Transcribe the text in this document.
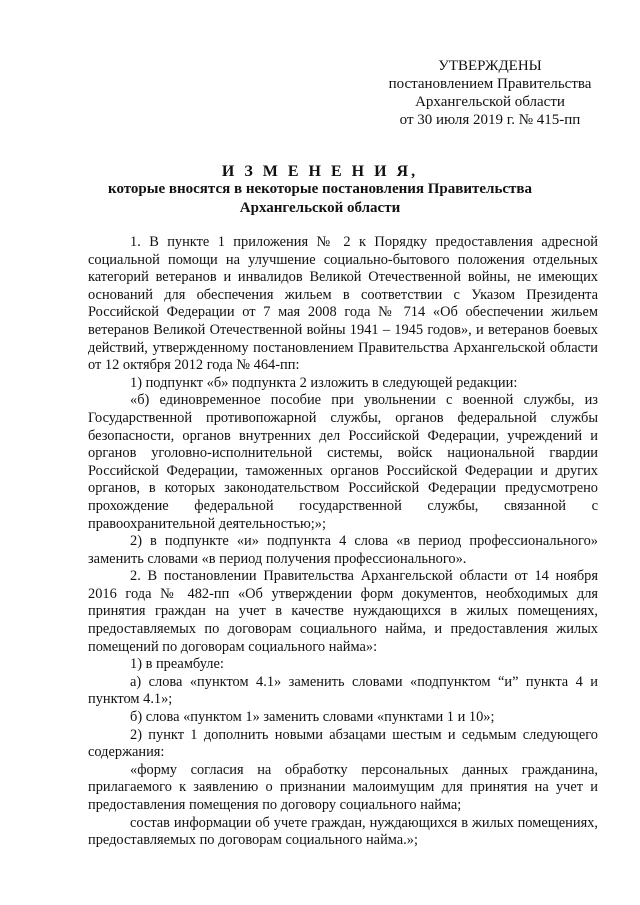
УТВЕРЖДЕНЫ
постановлением Правительства
Архангельской области
от 30 июля 2019 г. № 415-пп
И З М Е Н Е Н И Я,
которые вносятся в некоторые постановления Правительства
Архангельской области

1. В пункте 1 приложения № 2 к Порядку предоставления адресной социальной помощи на улучшение социально-бытового положения отдельных категорий ветеранов и инвалидов Великой Отечественной войны, не имеющих оснований для обеспечения жильем в соответствии с Указом Президента Российской Федерации от 7 мая 2008 года № 714 «Об обеспечении жильем ветеранов Великой Отечественной войны 1941 – 1945 годов», и ветеранов боевых действий, утвержденному постановлением Правительства Архангельской области от 12 октября 2012 года № 464-пп:

1) подпункт «б» подпункта 2 изложить в следующей редакции:

«б) единовременное пособие при увольнении с военной службы, из Государственной противопожарной службы, органов федеральной службы безопасности, органов внутренних дел Российской Федерации, учреждений и органов уголовно-исполнительной системы, войск национальной гвардии Российской Федерации, таможенных органов Российской Федерации и других органов, в которых законодательством Российской Федерации предусмотрено прохождение федеральной государственной службы, связанной с правоохранительной деятельностью;»;

2) в подпункте «и» подпункта 4 слова «в период профессионального» заменить словами «в период получения профессионального».

2. В постановлении Правительства Архангельской области от 14 ноября 2016 года № 482-пп «Об утверждении форм документов, необходимых для принятия граждан на учет в качестве нуждающихся в жилых помещениях, предоставляемых по договорам социального найма, и предоставления жилых помещений по договорам социального найма»:

1) в преамбуле:

а) слова «пунктом 4.1» заменить словами «подпунктом “и” пункта 4 и пунктом 4.1»;

б) слова «пунктом 1» заменить словами «пунктами 1 и 10»;

2) пункт 1 дополнить новыми абзацами шестым и седьмым следующего содержания:

«форму согласия на обработку персональных данных гражданина, прилагаемого к заявлению о признании малоимущим для принятия на учет и предоставления помещения по договору социального найма;

состав информации об учете граждан, нуждающихся в жилых помещениях, предоставляемых по договорам социального найма.»;
